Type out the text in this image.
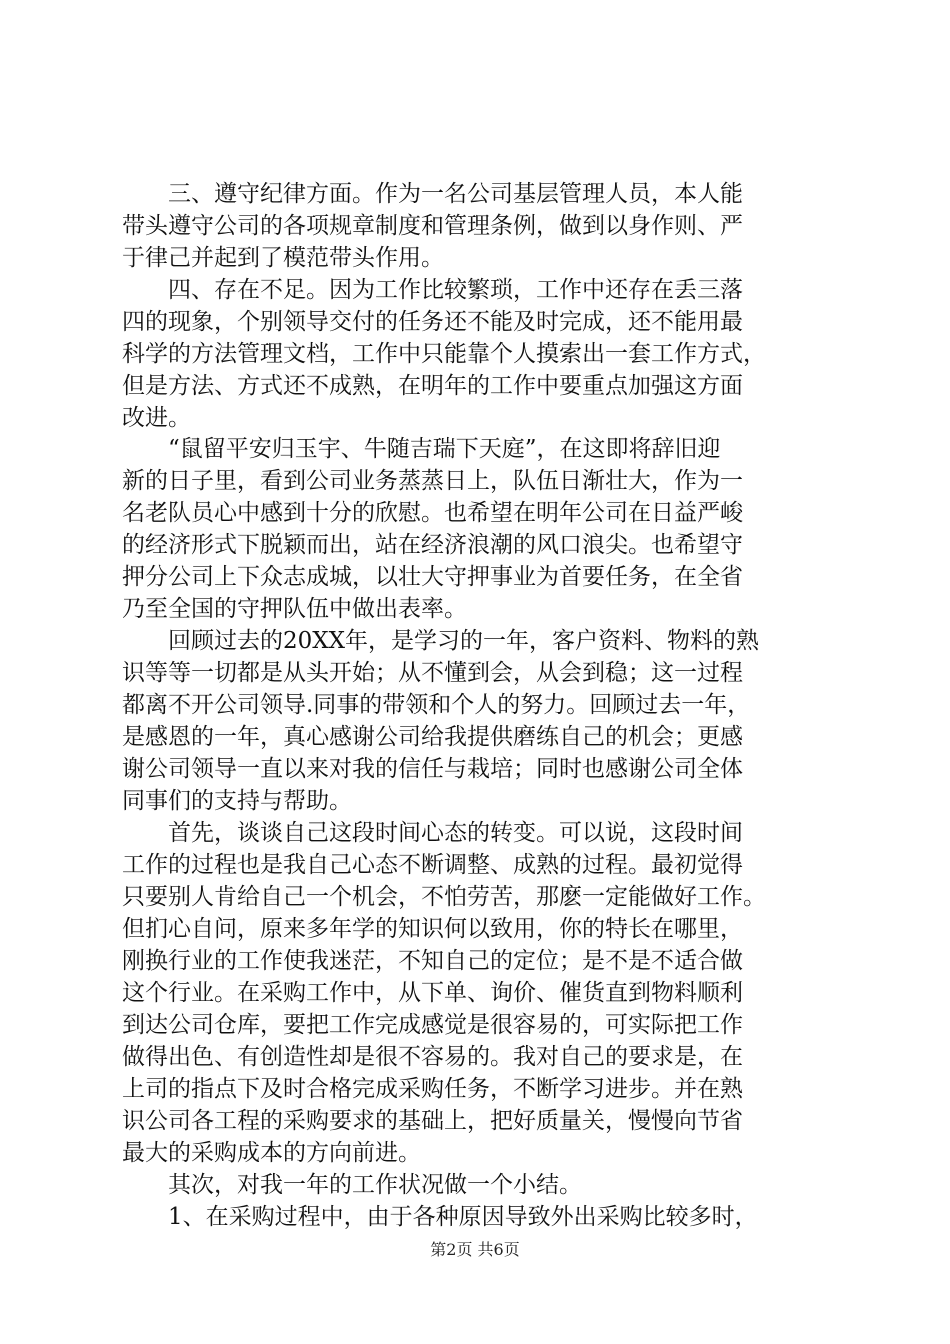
　　三、遵守纪律方面。作为一名公司基层管理人员，本人能
带头遵守公司的各项规章制度和管理条例，做到以身作则、严
于律己并起到了模范带头作用。
　　四、存在不足。因为工作比较繁琐，工作中还存在丢三落
四的现象，个别领导交付的任务还不能及时完成，还不能用最
科学的方法管理文档，工作中只能靠个人摸索出一套工作方式，
但是方法、方式还不成熟，在明年的工作中要重点加强这方面
改进。
　　“鼠留平安归玉宇、牛随吉瑞下天庭”，在这即将辞旧迎
新的日子里，看到公司业务蒸蒸日上，队伍日渐壮大，作为一
名老队员心中感到十分的欣慰。也希望在明年公司在日益严峻
的经济形式下脱颖而出，站在经济浪潮的风口浪尖。也希望守
押分公司上下众志成城，以壮大守押事业为首要任务，在全省
乃至全国的守押队伍中做出表率。
　　回顾过去的20XX年，是学习的一年，客户资料、物料的熟
识等等一切都是从头开始；从不懂到会，从会到稳；这一过程
都离不开公司领导.同事的带领和个人的努力。回顾过去一年，
是感恩的一年，真心感谢公司给我提供磨练自己的机会；更感
谢公司领导一直以来对我的信任与栽培；同时也感谢公司全体
同事们的支持与帮助。
　　首先，谈谈自己这段时间心态的转变。可以说，这段时间
工作的过程也是我自己心态不断调整、成熟的过程。最初觉得
只要别人肯给自己一个机会，不怕劳苦，那麽一定能做好工作。
但扪心自问，原来多年学的知识何以致用，你的特长在哪里，
刚换行业的工作使我迷茫，不知自己的定位；是不是不适合做
这个行业。在采购工作中，从下单、询价、催货直到物料顺利
到达公司仓库，要把工作完成感觉是很容易的，可实际把工作
做得出色、有创造性却是很不容易的。我对自己的要求是，在
上司的指点下及时合格完成采购任务，不断学习进步。并在熟
识公司各工程的采购要求的基础上，把好质量关，慢慢向节省
最大的采购成本的方向前进。
　　其次，对我一年的工作状况做一个小结。
　　1、在采购过程中，由于各种原因导致外出采购比较多时，
第2页 共6页
